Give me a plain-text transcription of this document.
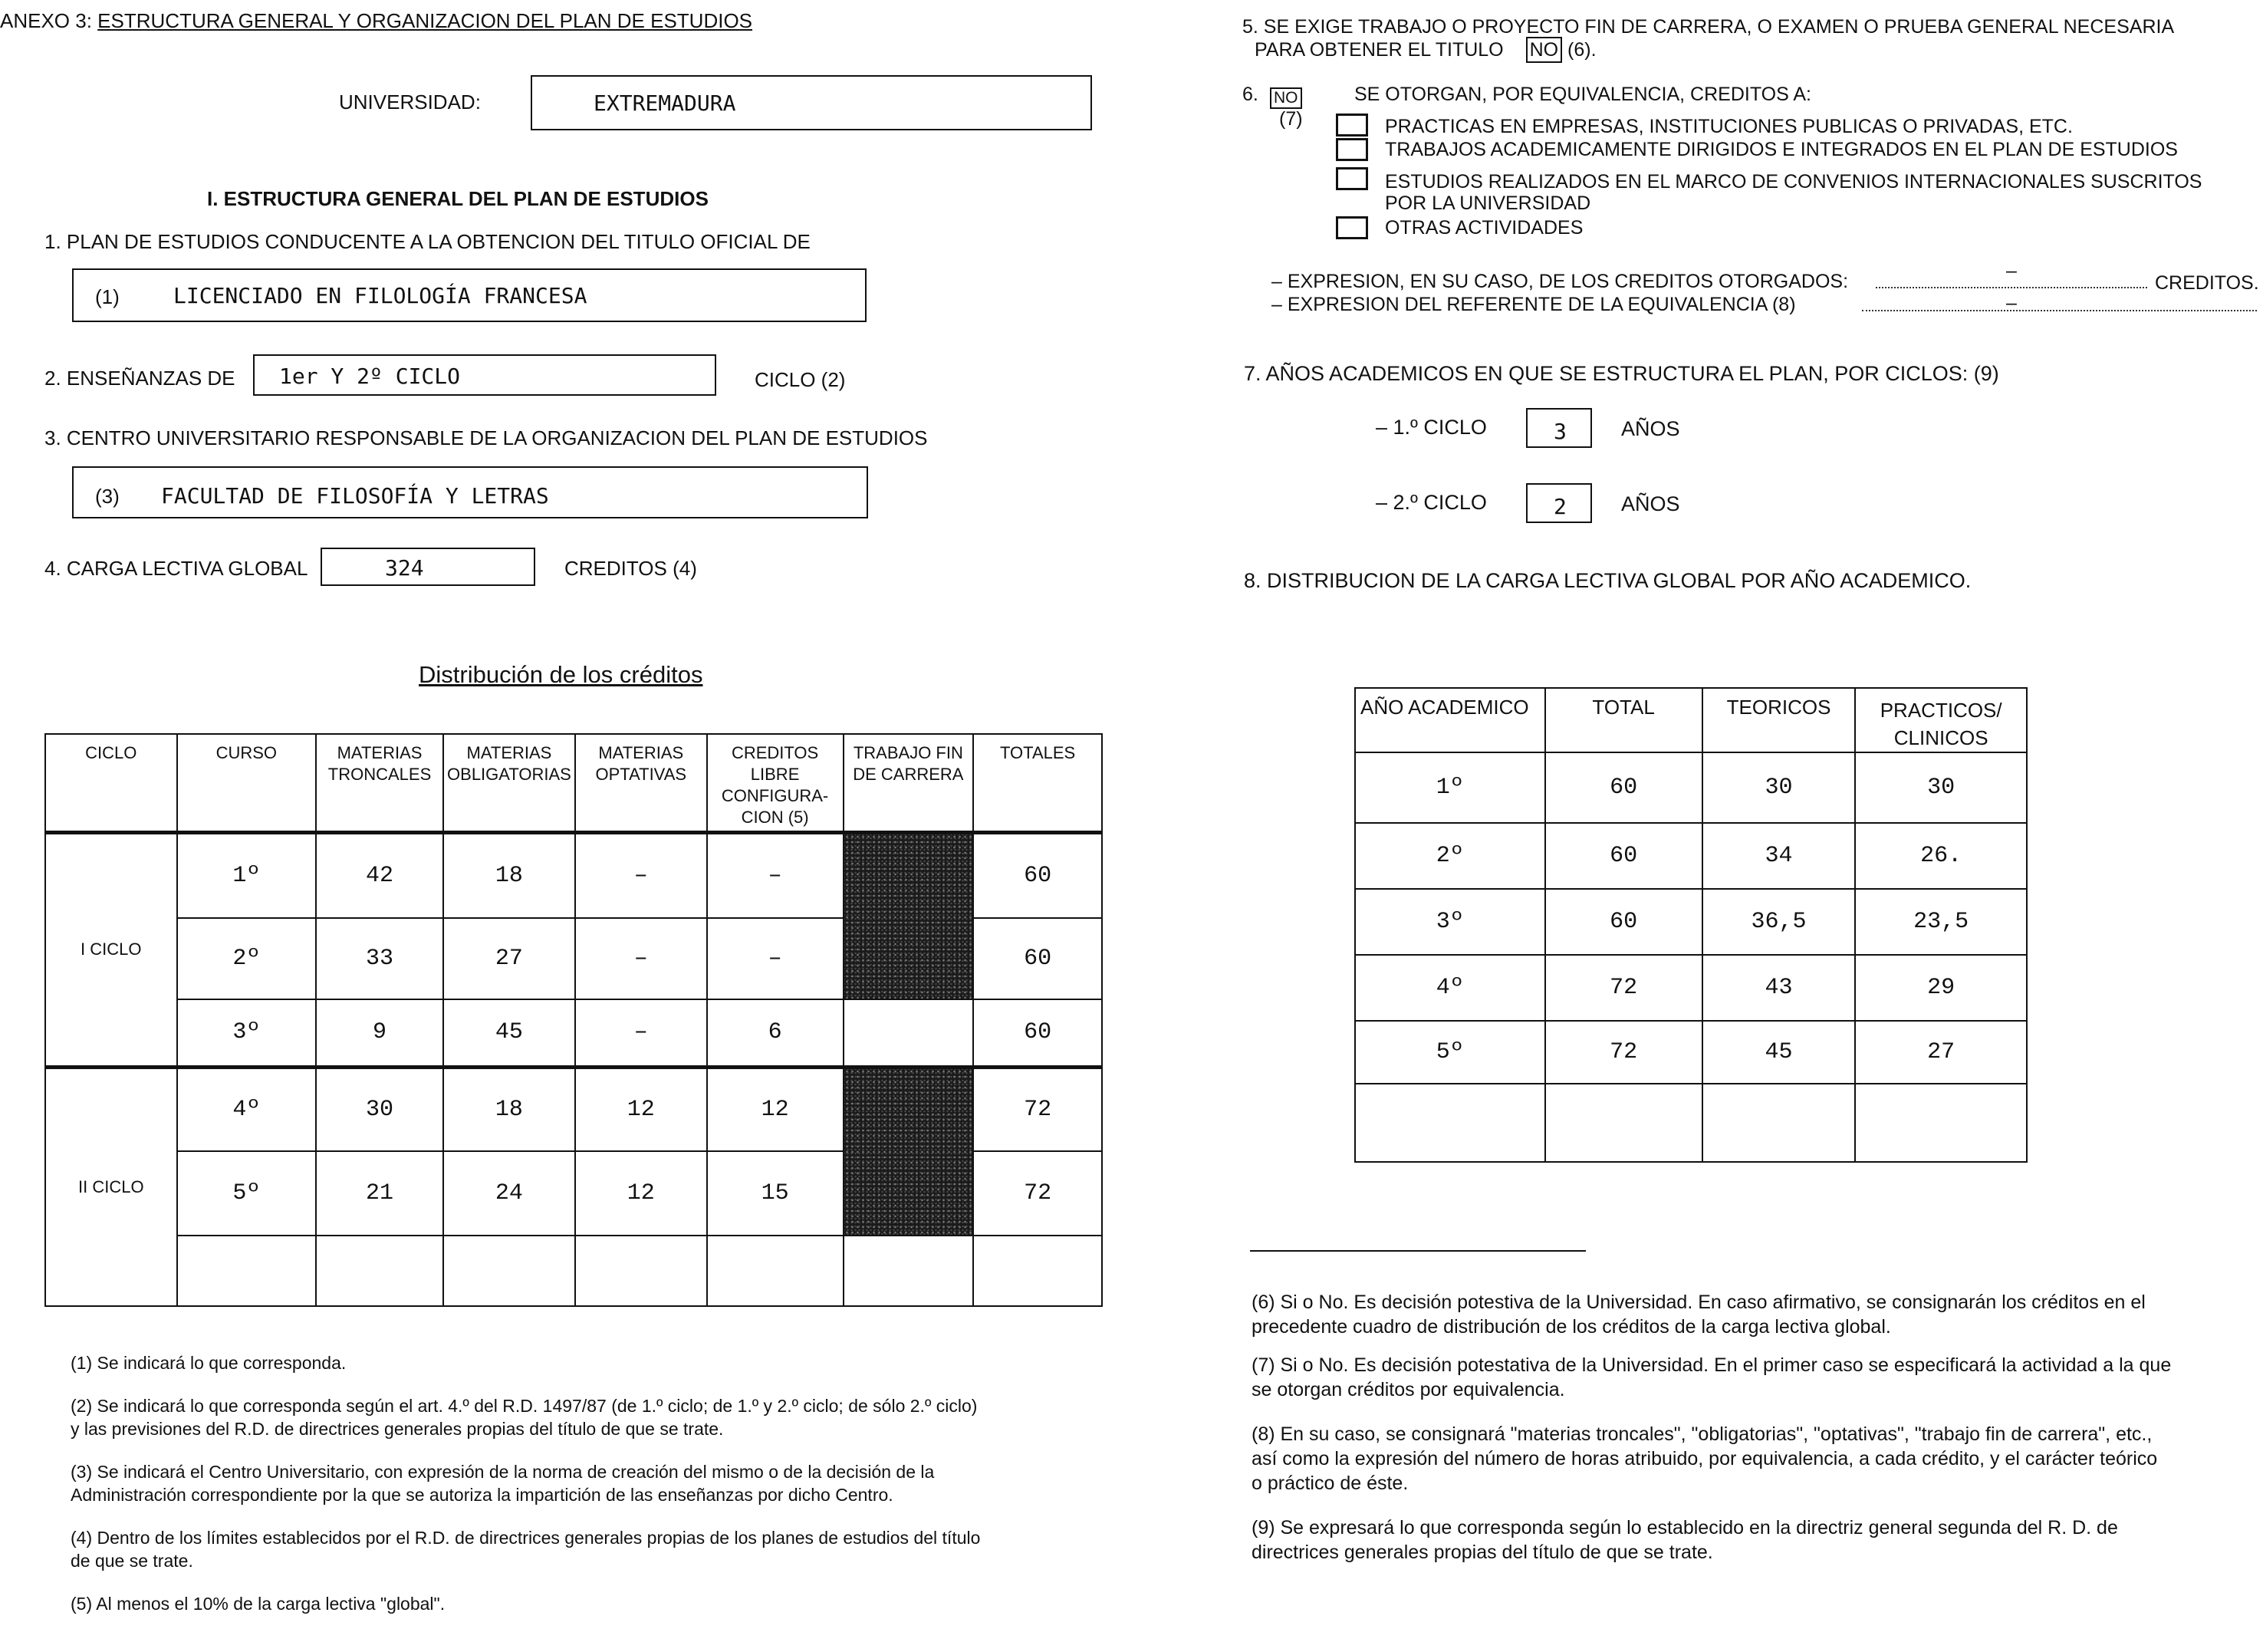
ANEXO 3: ESTRUCTURA GENERAL Y ORGANIZACION DEL PLAN DE ESTUDIOS
UNIVERSIDAD:	EXTREMADURA
I. ESTRUCTURA GENERAL DEL PLAN DE ESTUDIOS
1. PLAN DE ESTUDIOS CONDUCENTE A LA OBTENCION DEL TITULO OFICIAL DE
(1)	LICENCIADO EN FILOLOGÍA FRANCESA
2. ENSEÑANZAS DE 1er Y 2º CICLO	CICLO (2)
3. CENTRO UNIVERSITARIO RESPONSABLE DE LA ORGANIZACION DEL PLAN DE ESTUDIOS
(3) FACULTAD DE FILOSOFÍA Y LETRAS
4. CARGA LECTIVA GLOBAL	324	CREDITOS (4)
Distribución de los créditos
CICLO	CURSO	MATERIAS TRONCALES	MATERIAS OBLIGATORIAS	MATERIAS OPTATIVAS	CREDITOS LIBRE CONFIGURA- CION (5)	TRABAJO FIN DE CARRERA	TOTALES
I CICLO	1º	42	18	–	–		60
	2º	33	27	–	–		60
	3º	9	45	–	6		60
II CICLO	4º	30	18	12	12		72
	5º	21	24	12	15		72

(1) Se indicará lo que corresponda.
(2) Se indicará lo que corresponda según el art. 4.º del R.D. 1497/87 (de 1.º ciclo; de 1.º y 2.º ciclo; de sólo 2.º ciclo)
y las previsiones del R.D. de directrices generales propias del título de que se trate.
(3) Se indicará el Centro Universitario, con expresión de la norma de creación del mismo o de la decisión de la
Administración correspondiente por la que se autoriza la impartición de las enseñanzas por dicho Centro.
(4) Dentro de los límites establecidos por el R.D. de directrices generales propias de los planes de estudios del título
de que se trate.
(5) Al menos el 10% de la carga lectiva "global".
5. SE EXIGE TRABAJO O PROYECTO FIN DE CARRERA, O EXAMEN O PRUEBA GENERAL NECESARIA
PARA OBTENER EL TITULO NO (6).
6. NO
(7)
SE OTORGAN, POR EQUIVALENCIA, CREDITOS A:
PRACTICAS EN EMPRESAS, INSTITUCIONES PUBLICAS O PRIVADAS, ETC.
TRABAJOS ACADEMICAMENTE DIRIGIDOS E INTEGRADOS EN EL PLAN DE ESTUDIOS
ESTUDIOS REALIZADOS EN EL MARCO DE CONVENIOS INTERNACIONALES SUSCRITOS
POR LA UNIVERSIDAD
OTRAS ACTIVIDADES
– EXPRESION, EN SU CASO, DE LOS CREDITOS OTORGADOS:	–
CREDITOS.
– EXPRESION DEL REFERENTE DE LA EQUIVALENCIA (8)	–
7. AÑOS ACADEMICOS EN QUE SE ESTRUCTURA EL PLAN, POR CICLOS: (9)
– 1.º CICLO	3	AÑOS
– 2.º CICLO	2	AÑOS
8. DISTRIBUCION DE LA CARGA LECTIVA GLOBAL POR AÑO ACADEMICO.
AÑO ACADEMICO	TOTAL	TEORICOS	PRACTICOS/ CLINICOS
1º	60	30	30
2º	60	34	26.
3º	60	36,5	23,5
4º	72	43	29
5º	72	45	27

(6) Si o No. Es decisión potestiva de la Universidad. En caso afirmativo, se consignarán los créditos en el
precedente cuadro de distribución de los créditos de la carga lectiva global.
(7) Si o No. Es decisión potestativa de la Universidad. En el primer caso se especificará la actividad a la que
se otorgan créditos por equivalencia.
(8) En su caso, se consignará "materias troncales", "obligatorias", "optativas", "trabajo fin de carrera", etc.,
así como la expresión del número de horas atribuido, por equivalencia, a cada crédito, y el carácter teórico
o práctico de éste.
(9) Se expresará lo que corresponda según lo establecido en la directriz general segunda del R. D. de
directrices generales propias del título de que se trate.
